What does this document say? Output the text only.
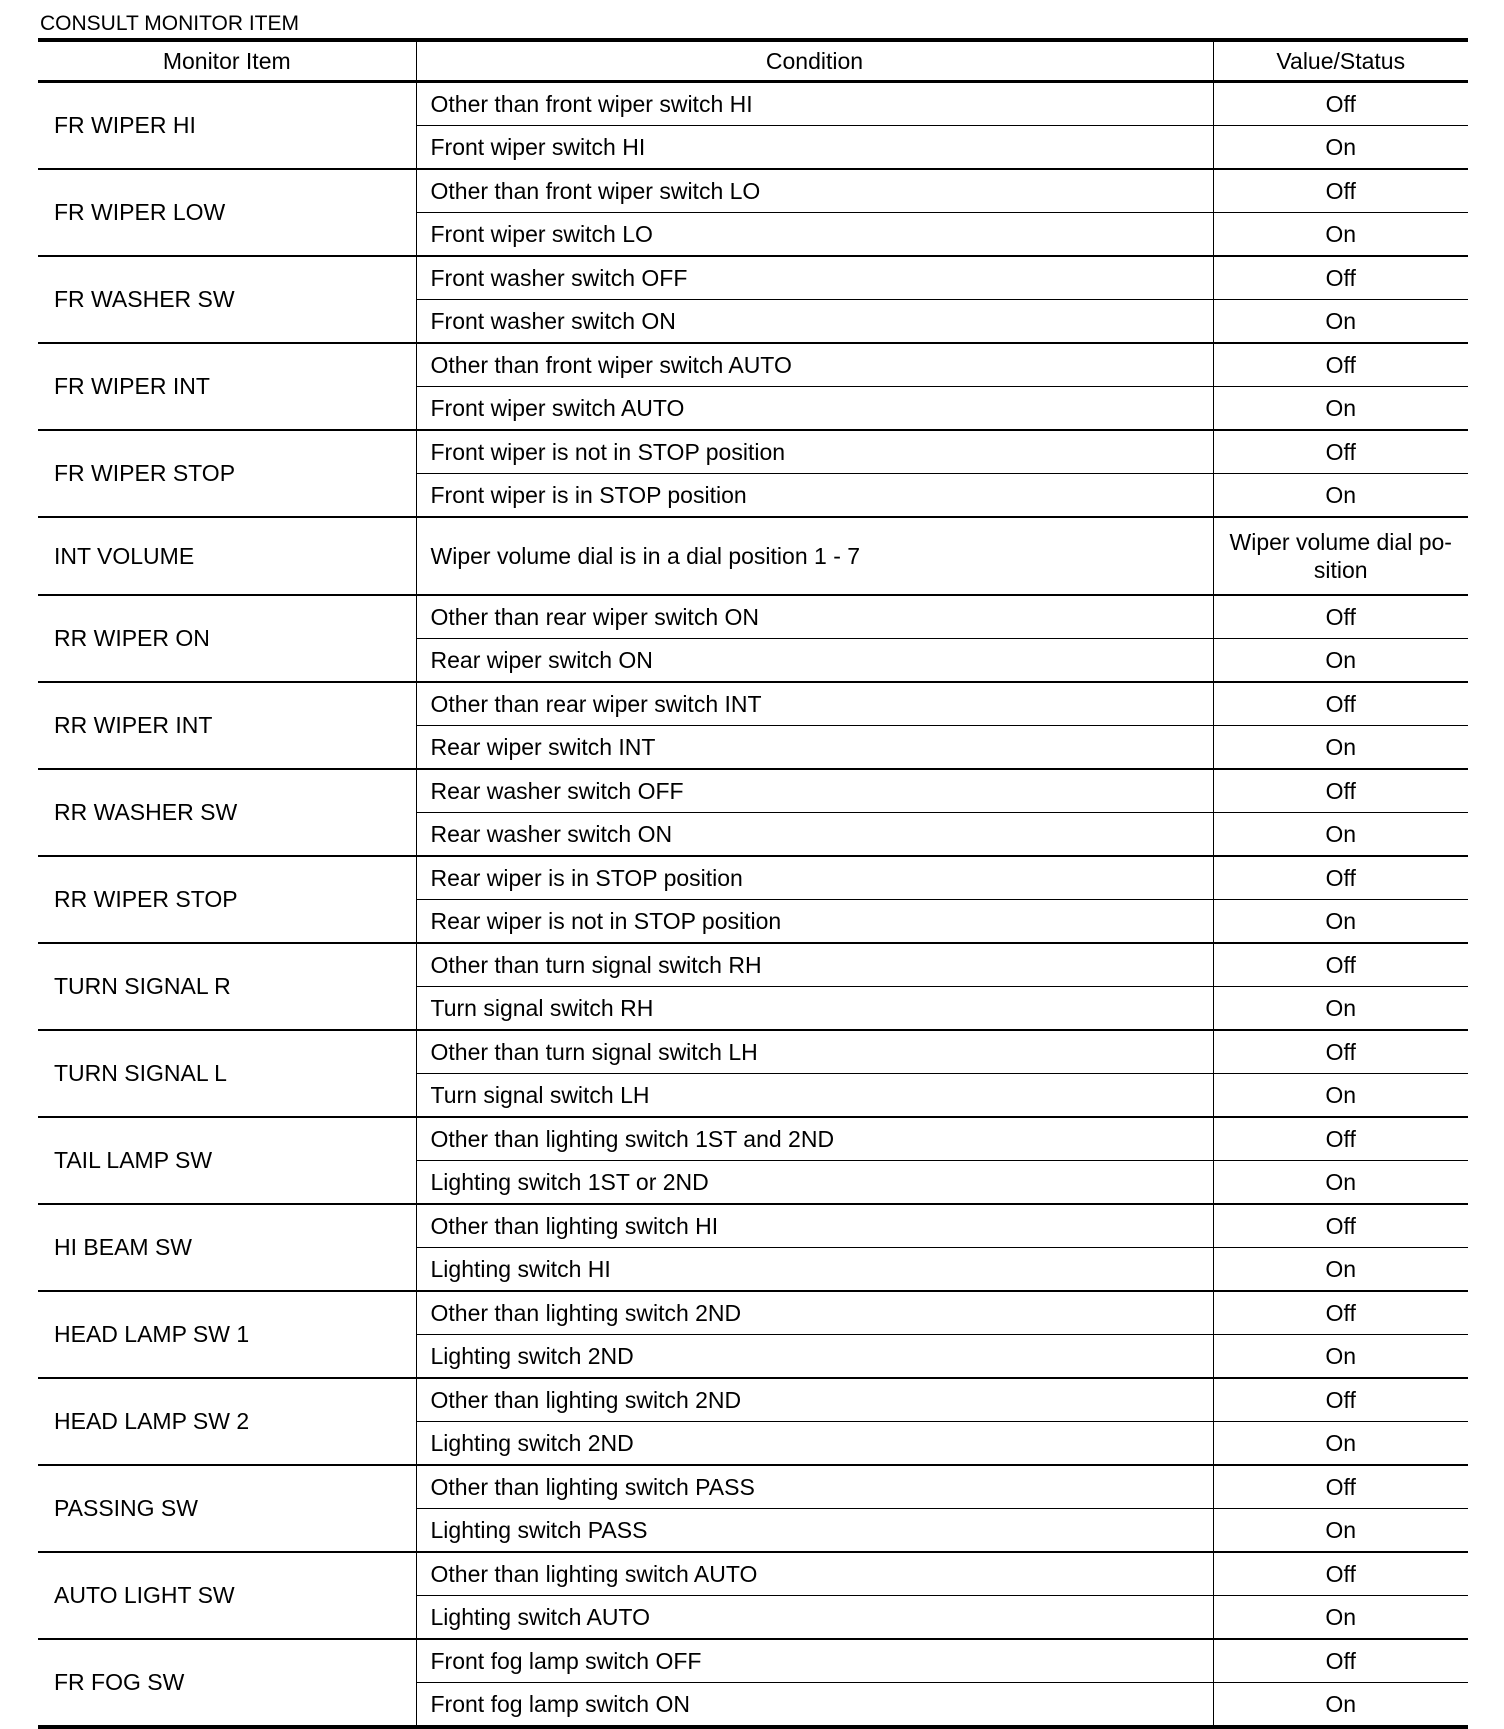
CONSULT MONITOR ITEM
Monitor Item	Condition	Value/Status
FR WIPER HI	Other than front wiper switch HI	Off
	Front wiper switch HI	On
FR WIPER LOW	Other than front wiper switch LO	Off
	Front wiper switch LO	On
FR WASHER SW	Front washer switch OFF	Off
	Front washer switch ON	On
FR WIPER INT	Other than front wiper switch AUTO	Off
	Front wiper switch AUTO	On
FR WIPER STOP	Front wiper is not in STOP position	Off
	Front wiper is in STOP position	On
INT VOLUME	Wiper volume dial is in a dial position 1 - 7	Wiper volume dial po- sition
RR WIPER ON	Other than rear wiper switch ON	Off
	Rear wiper switch ON	On
RR WIPER INT	Other than rear wiper switch INT	Off
	Rear wiper switch INT	On
RR WASHER SW	Rear washer switch OFF	Off
	Rear washer switch ON	On
RR WIPER STOP	Rear wiper is in STOP position	Off
	Rear wiper is not in STOP position	On
TURN SIGNAL R	Other than turn signal switch RH	Off
	Turn signal switch RH	On
TURN SIGNAL L	Other than turn signal switch LH	Off
	Turn signal switch LH	On
TAIL LAMP SW	Other than lighting switch 1ST and 2ND	Off
	Lighting switch 1ST or 2ND	On
HI BEAM SW	Other than lighting switch HI	Off
	Lighting switch HI	On
HEAD LAMP SW 1	Other than lighting switch 2ND	Off
	Lighting switch 2ND	On
HEAD LAMP SW 2	Other than lighting switch 2ND	Off
	Lighting switch 2ND	On
PASSING SW	Other than lighting switch PASS	Off
	Lighting switch PASS	On
AUTO LIGHT SW	Other than lighting switch AUTO	Off
	Lighting switch AUTO	On
FR FOG SW	Front fog lamp switch OFF	Off
	Front fog lamp switch ON	On
